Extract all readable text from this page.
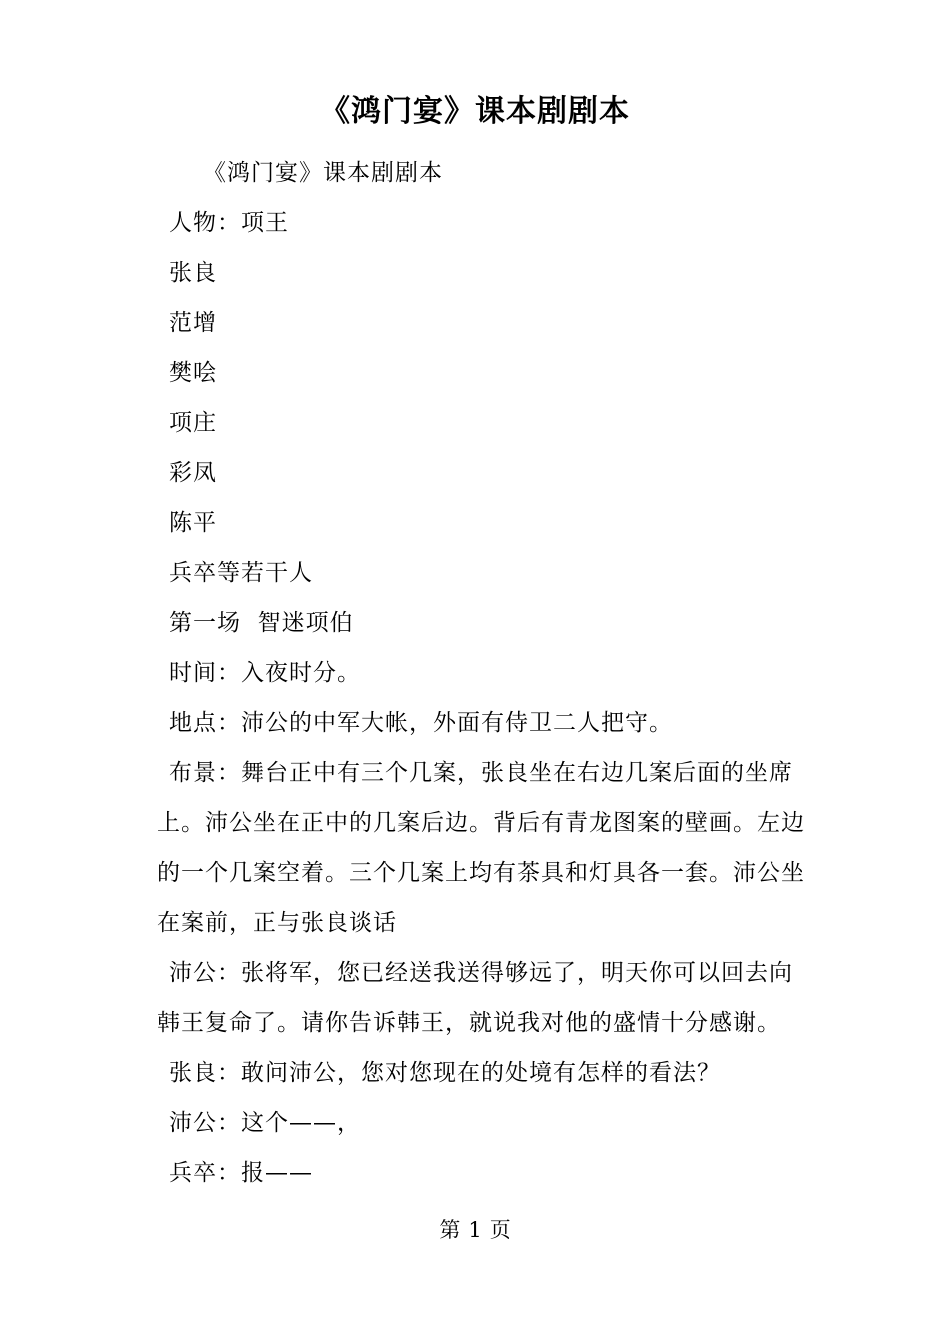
《鸿门宴》课本剧剧本

《鸿门宴》课本剧剧本

人物：项王

张良

范增

樊哙

项庄

彩凤

陈平

兵卒等若干人

第一场  智迷项伯

时间：入夜时分。

地点：沛公的中军大帐，外面有侍卫二人把守。

布景：舞台正中有三个几案，张良坐在右边几案后面的坐席上。沛公坐在正中的几案后边。背后有青龙图案的壁画。左边的一个几案空着。三个几案上均有茶具和灯具各一套。沛公坐在案前，正与张良谈话

沛公：张将军，您已经送我送得够远了，明天你可以回去向韩王复命了。请你告诉韩王，就说我对他的盛情十分感谢。

张良：敢问沛公，您对您现在的处境有怎样的看法？

沛公：这个——，

兵卒：报——

第 1 页
